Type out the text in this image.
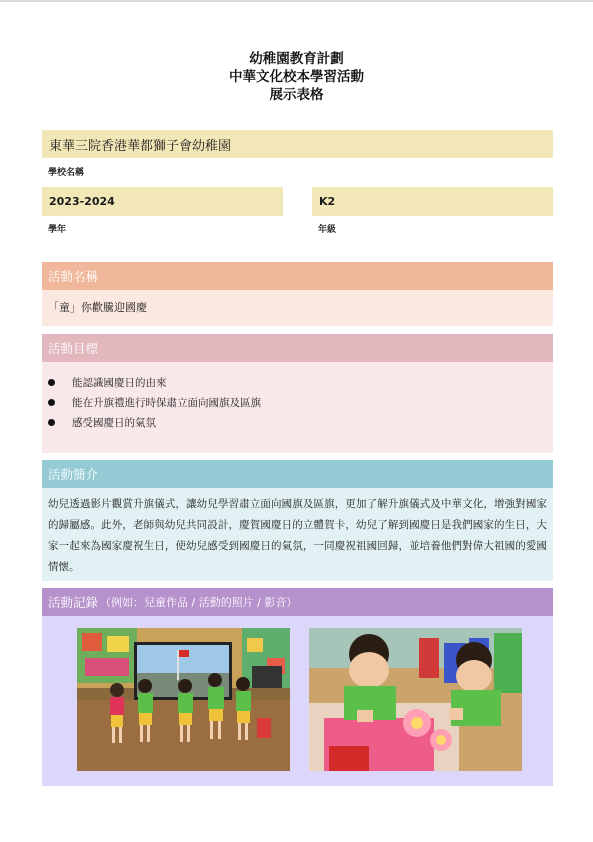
幼稚園教育計劃
中華文化校本學習活動
展示表格
東華三院香港華都獅子會幼稚園
學校名稱
2023-2024
學年
K2
年級
活動名稱
「童」你歡騰迎國慶
活動目標
能認識國慶日的由來
能在升旗禮進行時保肅立面向國旗及區旗
感受國慶日的氣氛
活動簡介
幼兒透過影片觀賞升旗儀式，讓幼兒學習肅立面向國旗及區旗，更加了解升旗儀式及中華文化，增強對國家的歸屬感。此外，老師與幼兒共同設計，慶賀國慶日的立體賀卡，幼兒了解到國慶日是我們國家的生日，大家一起來為國家慶祝生日，使幼兒感受到國慶日的氣氛，一同慶祝祖國回歸，並培養他們對偉大祖國的愛國情懷。
活動記錄 （例如：兒童作品 / 活動的照片 / 影音）
